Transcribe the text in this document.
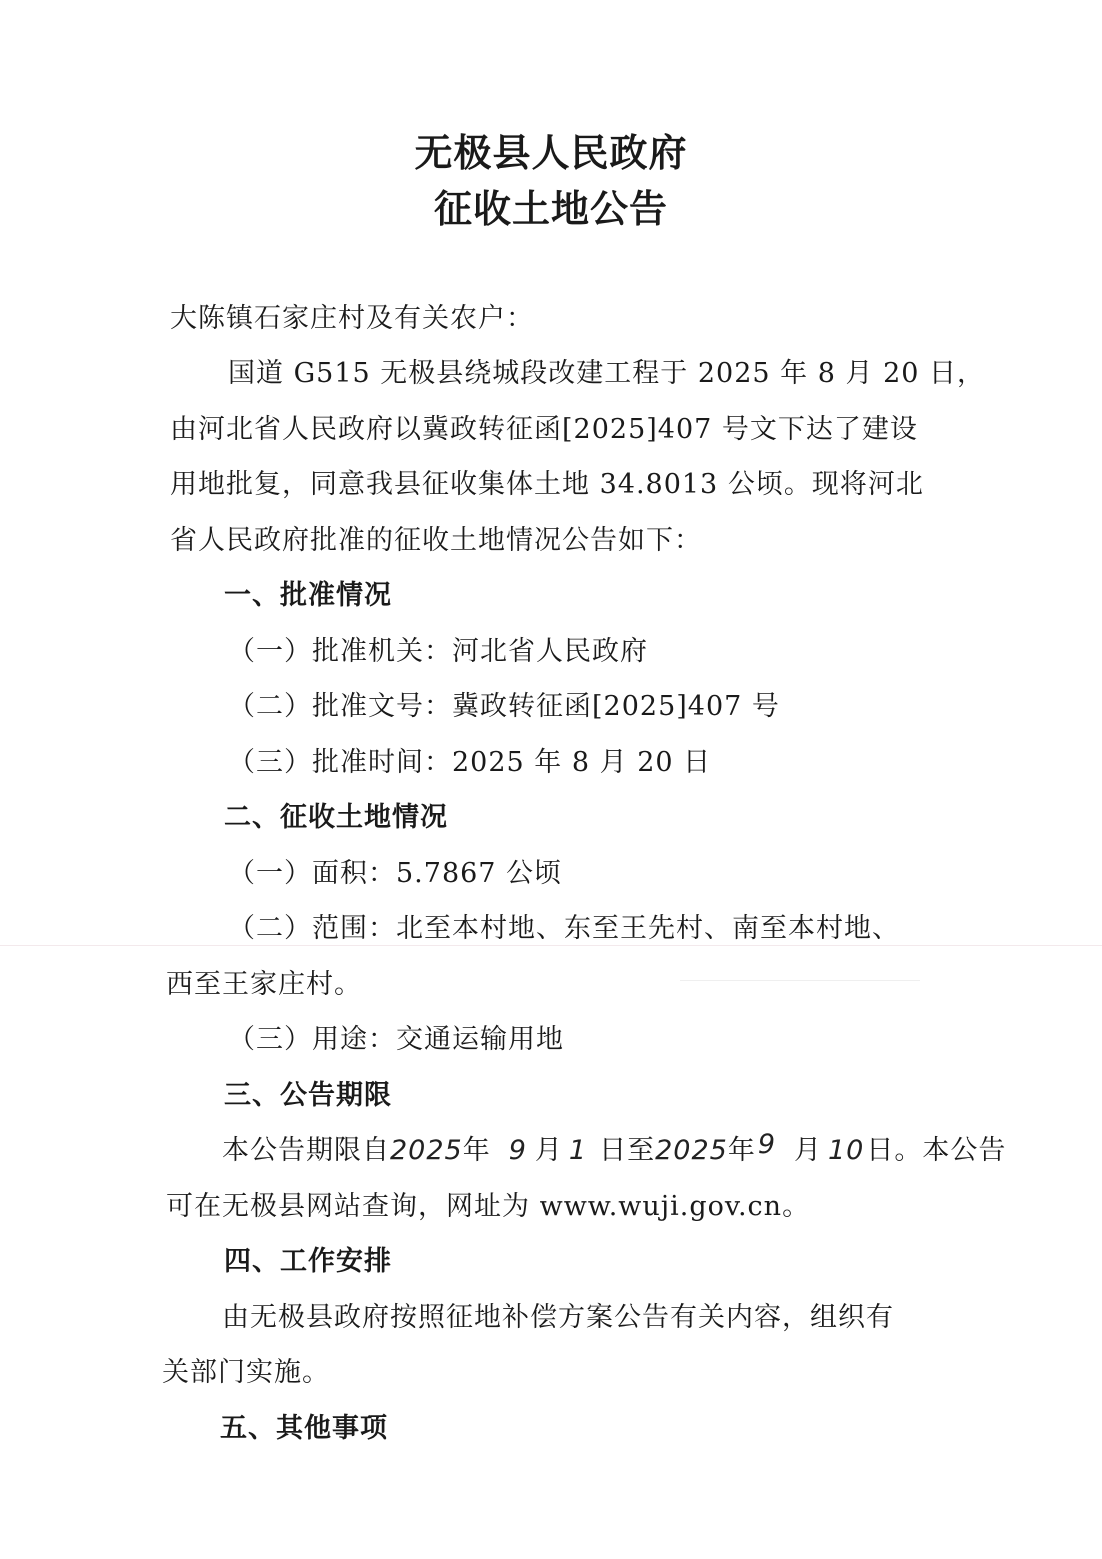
无极县人民政府
征收土地公告
大陈镇石家庄村及有关农户：
国道 G515 无极县绕城段改建工程于 2025 年 8 月 20 日，
由河北省人民政府以冀政转征函[2025]407 号文下达了建设
用地批复，同意我县征收集体土地 34.8013 公顷。现将河北
省人民政府批准的征收土地情况公告如下：
一、批准情况
（一）批准机关：河北省人民政府
（二）批准文号：冀政转征函[2025]407 号
（三）批准时间：2025 年 8 月 20 日
二、征收土地情况
（一）面积：5.7867 公顷
（二）范围：北至本村地、东至王先村、南至本村地、
西至王家庄村。
（三）用途：交通运输用地
三、公告期限
本公告期限自2025年 9 月 1 日至2025年9 月 10日。本公告
可在无极县网站查询，网址为 www.wuji.gov.cn。
四、工作安排
由无极县政府按照征地补偿方案公告有关内容，组织有
关部门实施。
五、其他事项
